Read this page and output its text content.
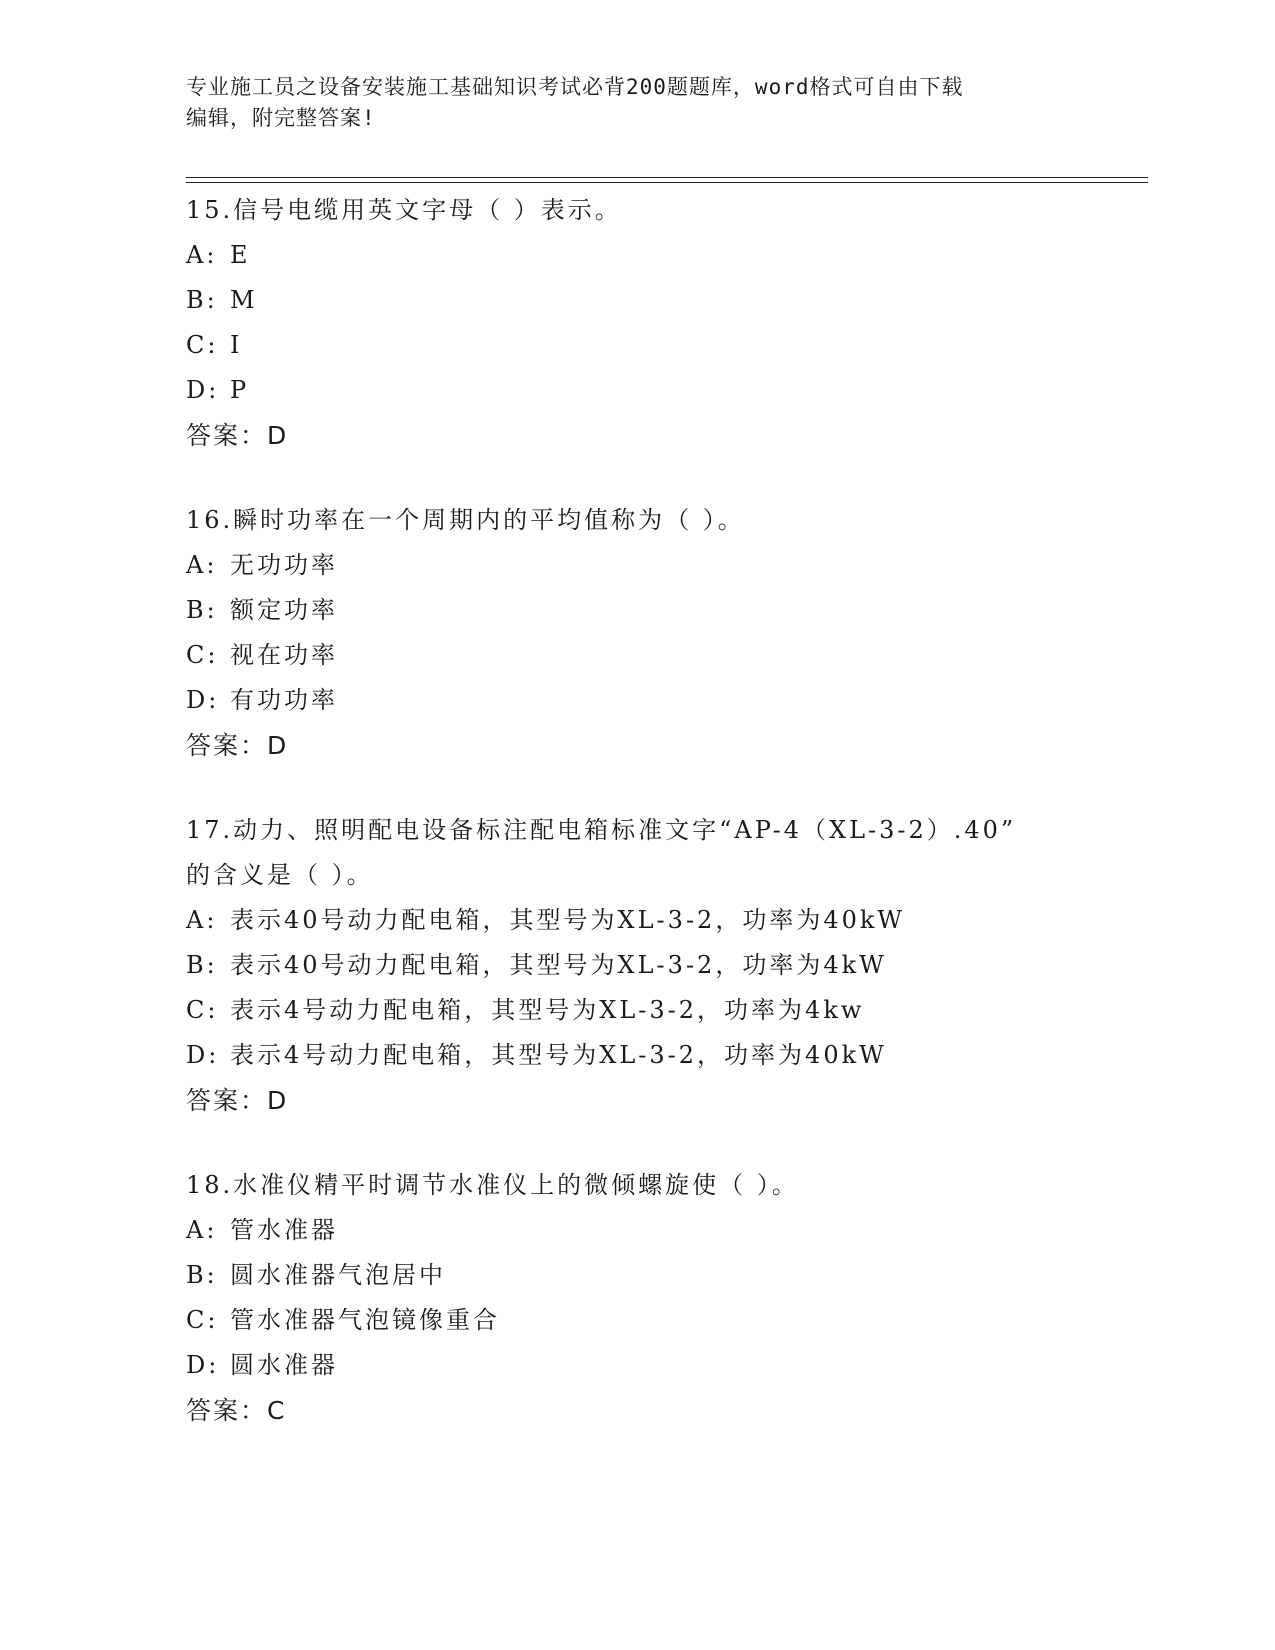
专业施工员之设备安装施工基础知识考试必背200题题库，word格式可自由下载
编辑，附完整答案!
15.信号电缆用英文字母（ ）表示。
A: E
B: M
C: I
D: P
答案：D
16.瞬时功率在一个周期内的平均值称为（ ）。
A: 无功功率
B: 额定功率
C: 视在功率
D: 有功功率
答案：D
17.动力、照明配电设备标注配电箱标准文字“AP-4（XL-3-2）.40”
的含义是（ ）。
A: 表示40号动力配电箱，其型号为XL-3-2，功率为40kW
B: 表示40号动力配电箱，其型号为XL-3-2，功率为4kW
C: 表示4号动力配电箱，其型号为XL-3-2，功率为4kw
D: 表示4号动力配电箱，其型号为XL-3-2，功率为40kW
答案：D
18.水准仪精平时调节水准仪上的微倾螺旋使（ ）。
A: 管水准器
B: 圆水准器气泡居中
C: 管水准器气泡镜像重合
D: 圆水准器
答案：C
